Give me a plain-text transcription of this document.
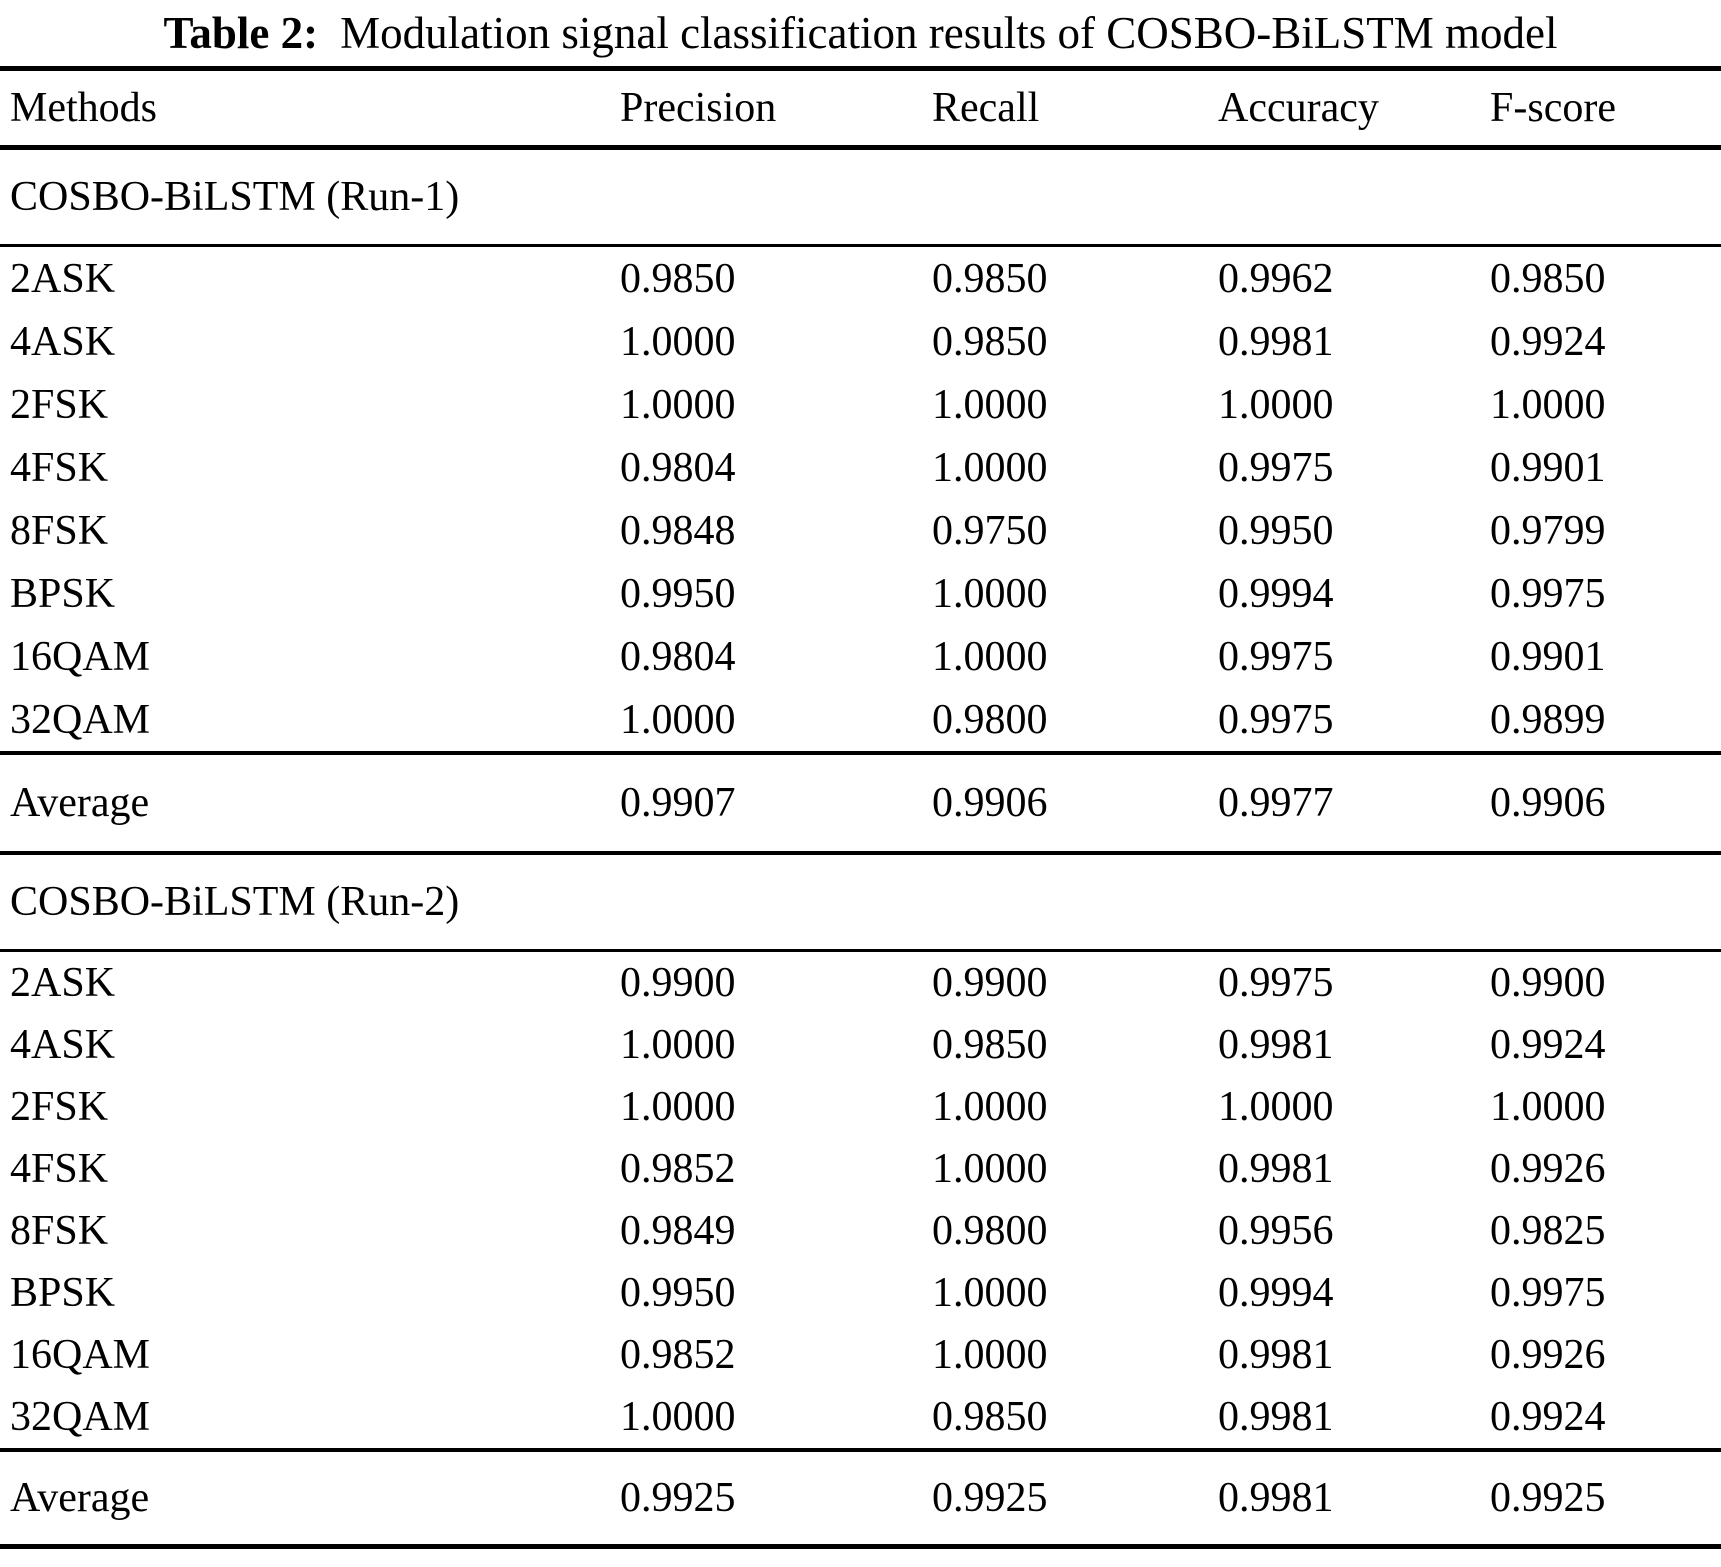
Table 2: Modulation signal classification results of COSBO-BiLSTM model
Methods	Precision	Recall	Accuracy	F-score
COSBO-BiLSTM (Run-1)
2ASK	0.9850	0.9850	0.9962	0.9850
4ASK	1.0000	0.9850	0.9981	0.9924
2FSK	1.0000	1.0000	1.0000	1.0000
4FSK	0.9804	1.0000	0.9975	0.9901
8FSK	0.9848	0.9750	0.9950	0.9799
BPSK	0.9950	1.0000	0.9994	0.9975
16QAM	0.9804	1.0000	0.9975	0.9901
32QAM	1.0000	0.9800	0.9975	0.9899
Average	0.9907	0.9906	0.9977	0.9906
COSBO-BiLSTM (Run-2)
2ASK	0.9900	0.9900	0.9975	0.9900
4ASK	1.0000	0.9850	0.9981	0.9924
2FSK	1.0000	1.0000	1.0000	1.0000
4FSK	0.9852	1.0000	0.9981	0.9926
8FSK	0.9849	0.9800	0.9956	0.9825
BPSK	0.9950	1.0000	0.9994	0.9975
16QAM	0.9852	1.0000	0.9981	0.9926
32QAM	1.0000	0.9850	0.9981	0.9924
Average	0.9925	0.9925	0.9981	0.9925
